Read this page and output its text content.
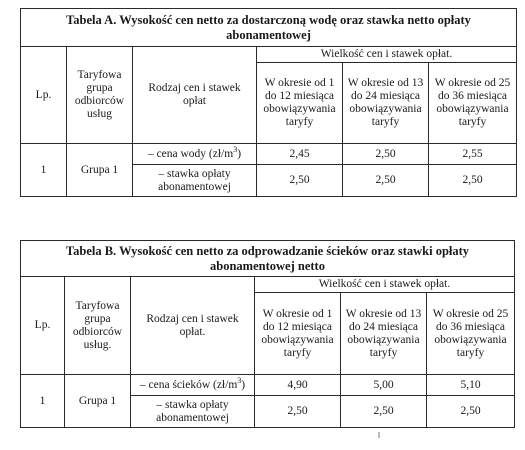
Tabela A. Wysokość cen netto za dostarczoną wodę oraz stawka netto opłaty abonamentowej					
Lp.	Taryfowa grupa odbiorców usług	Rodzaj cen i stawek opłat	Wielkość cen i stawek opłat.		
			W okresie od 1 do 12 miesiąca obowiązywania taryfy	W okresie od 13 do 24 miesiąca obowiązywania taryfy	W okresie od 25 do 36 miesiąca obowiązywania taryfy
1	Grupa 1	– cena wody $(zł/m^3)$	2,45	2,50	2,55
		– stawka opłaty abonamentowej	2,50	2,50	2,50
Tabela B. Wysokość cen netto za odprowadzanie ścieków oraz stawki opłaty abonamentowej netto					
Lp.	Taryfowa grupa odbiorców usług.	Rodzaj cen i stawek opłat.	Wielkość cen i stawek opłat.		
			W okresie od 1 do 12 miesiąca obowiązywania taryfy	W okresie od 13 do 24 miesiąca obowiązywania taryfy	W okresie od 25 do 36 miesiąca obowiązywania taryfy
1	Grupa 1	– cena ścieków $(zł/m^3)$	4,90	5,00	5,10
		– stawka opłaty abonamentowej	2,50	2,50	2,50
